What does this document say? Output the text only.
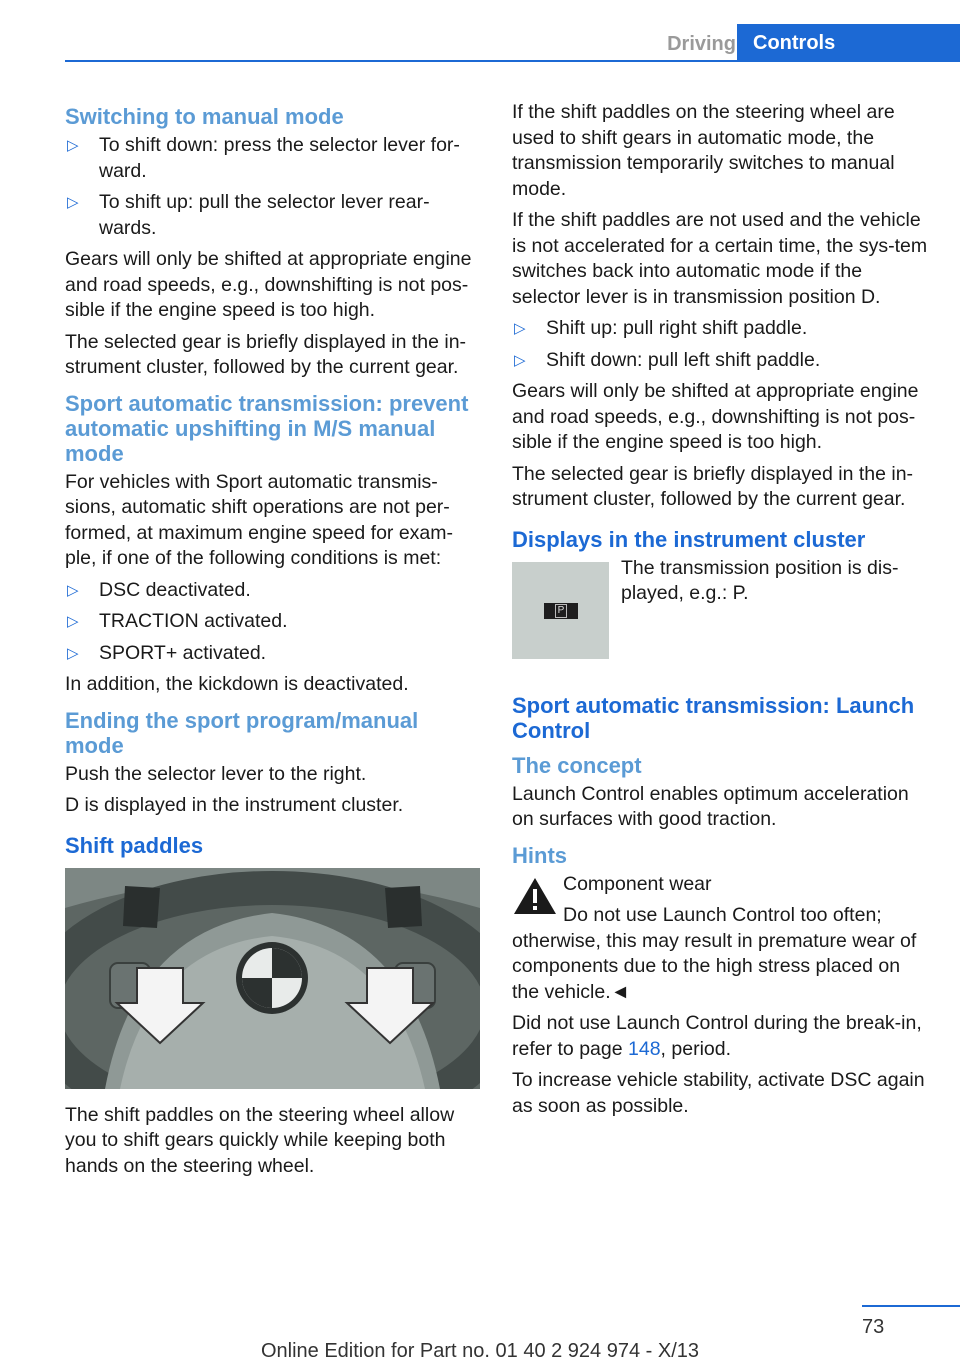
Driving Controls
Switching to manual mode
▷ To shift down: press the selector lever for-ward.
▷ To shift up: pull the selector lever rear-wards.

Gears will only be shifted at appropriate engine and road speeds, e.g., downshifting is not pos-sible if the engine speed is too high.

The selected gear is briefly displayed in the in-strument cluster, followed by the current gear.

Sport automatic transmission: prevent automatic upshifting in M/S manual mode

For vehicles with Sport automatic transmis-sions, automatic shift operations are not per-formed, at maximum engine speed for exam-ple, if one of the following conditions is met:

▷ DSC deactivated.
▷ TRACTION activated.
▷ SPORT+ activated.

In addition, the kickdown is deactivated.

Ending the sport program/manual mode

Push the selector lever to the right.

D is displayed in the instrument cluster.

Shift paddles

The shift paddles on the steering wheel allow you to shift gears quickly while keeping both hands on the steering wheel.

If the shift paddles on the steering wheel are used to shift gears in automatic mode, the transmission temporarily switches to manual mode.

If the shift paddles are not used and the vehicle is not accelerated for a certain time, the sys-tem switches back into automatic mode if the selector lever is in transmission position D.

▷ Shift up: pull right shift paddle.
▷ Shift down: pull left shift paddle.

Gears will only be shifted at appropriate engine and road speeds, e.g., downshifting is not pos-sible if the engine speed is too high.

The selected gear is briefly displayed in the in-strument cluster, followed by the current gear.

Displays in the instrument cluster
P

The transmission position is dis-played, e.g.: P.

Sport automatic transmission: Launch Control
The concept

Launch Control enables optimum acceleration on surfaces with good traction.

Hints

Component wear

Do not use Launch Control too often; otherwise, this may result in premature wear of components due to the high stress placed on the vehicle.◄

Did not use Launch Control during the break-in, refer to page 148, period.

To increase vehicle stability, activate DSC again as soon as possible.

73
Online Edition for Part no. 01 40 2 924 974 - X/13
